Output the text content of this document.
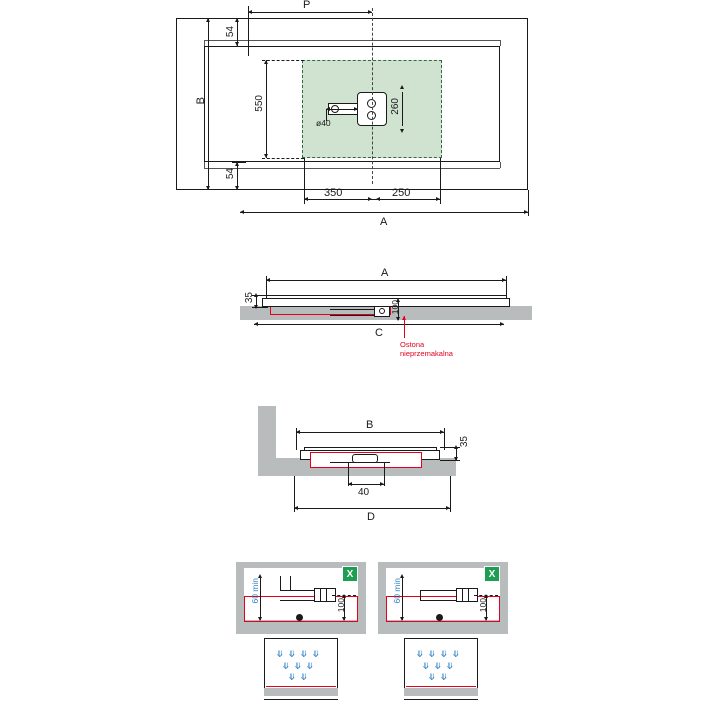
P
B
54
54
550	260
ø40
350	250
A
A
35
100
C
Ostona
nieprzemakalna
B
35
40
D
X
60 min
100
⤋ ⤋ ⤋ ⤋
⤋ ⤋ ⤋
⤋ ⤋
X
60 min
100
⤋ ⤋ ⤋ ⤋
⤋ ⤋ ⤋
⤋ ⤋
